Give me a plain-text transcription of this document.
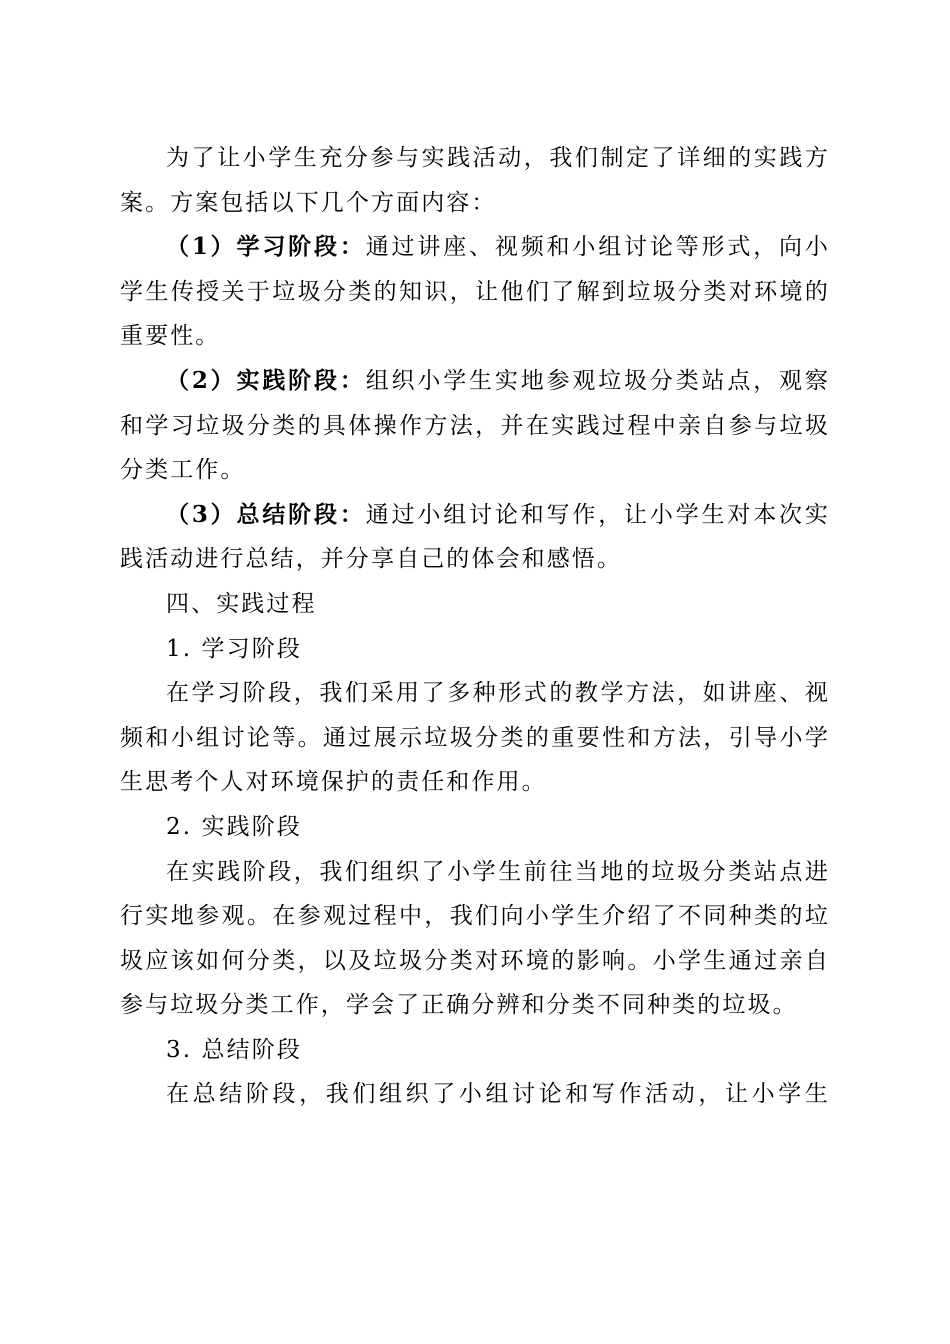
为了让小学生充分参与实践活动，我们制定了详细的实践方案。方案包括以下几个方面内容：

（1）学习阶段：通过讲座、视频和小组讨论等形式，向小学生传授关于垃圾分类的知识，让他们了解到垃圾分类对环境的重要性。

（2）实践阶段：组织小学生实地参观垃圾分类站点，观察和学习垃圾分类的具体操作方法，并在实践过程中亲自参与垃圾分类工作。

（3）总结阶段：通过小组讨论和写作，让小学生对本次实践活动进行总结，并分享自己的体会和感悟。

四、实践过程

1. 学习阶段

在学习阶段，我们采用了多种形式的教学方法，如讲座、视频和小组讨论等。通过展示垃圾分类的重要性和方法，引导小学生思考个人对环境保护的责任和作用。

2. 实践阶段

在实践阶段，我们组织了小学生前往当地的垃圾分类站点进行实地参观。在参观过程中，我们向小学生介绍了不同种类的垃圾应该如何分类，以及垃圾分类对环境的影响。小学生通过亲自参与垃圾分类工作，学会了正确分辨和分类不同种类的垃圾。

3. 总结阶段

在总结阶段，我们组织了小组讨论和写作活动，让小学生
